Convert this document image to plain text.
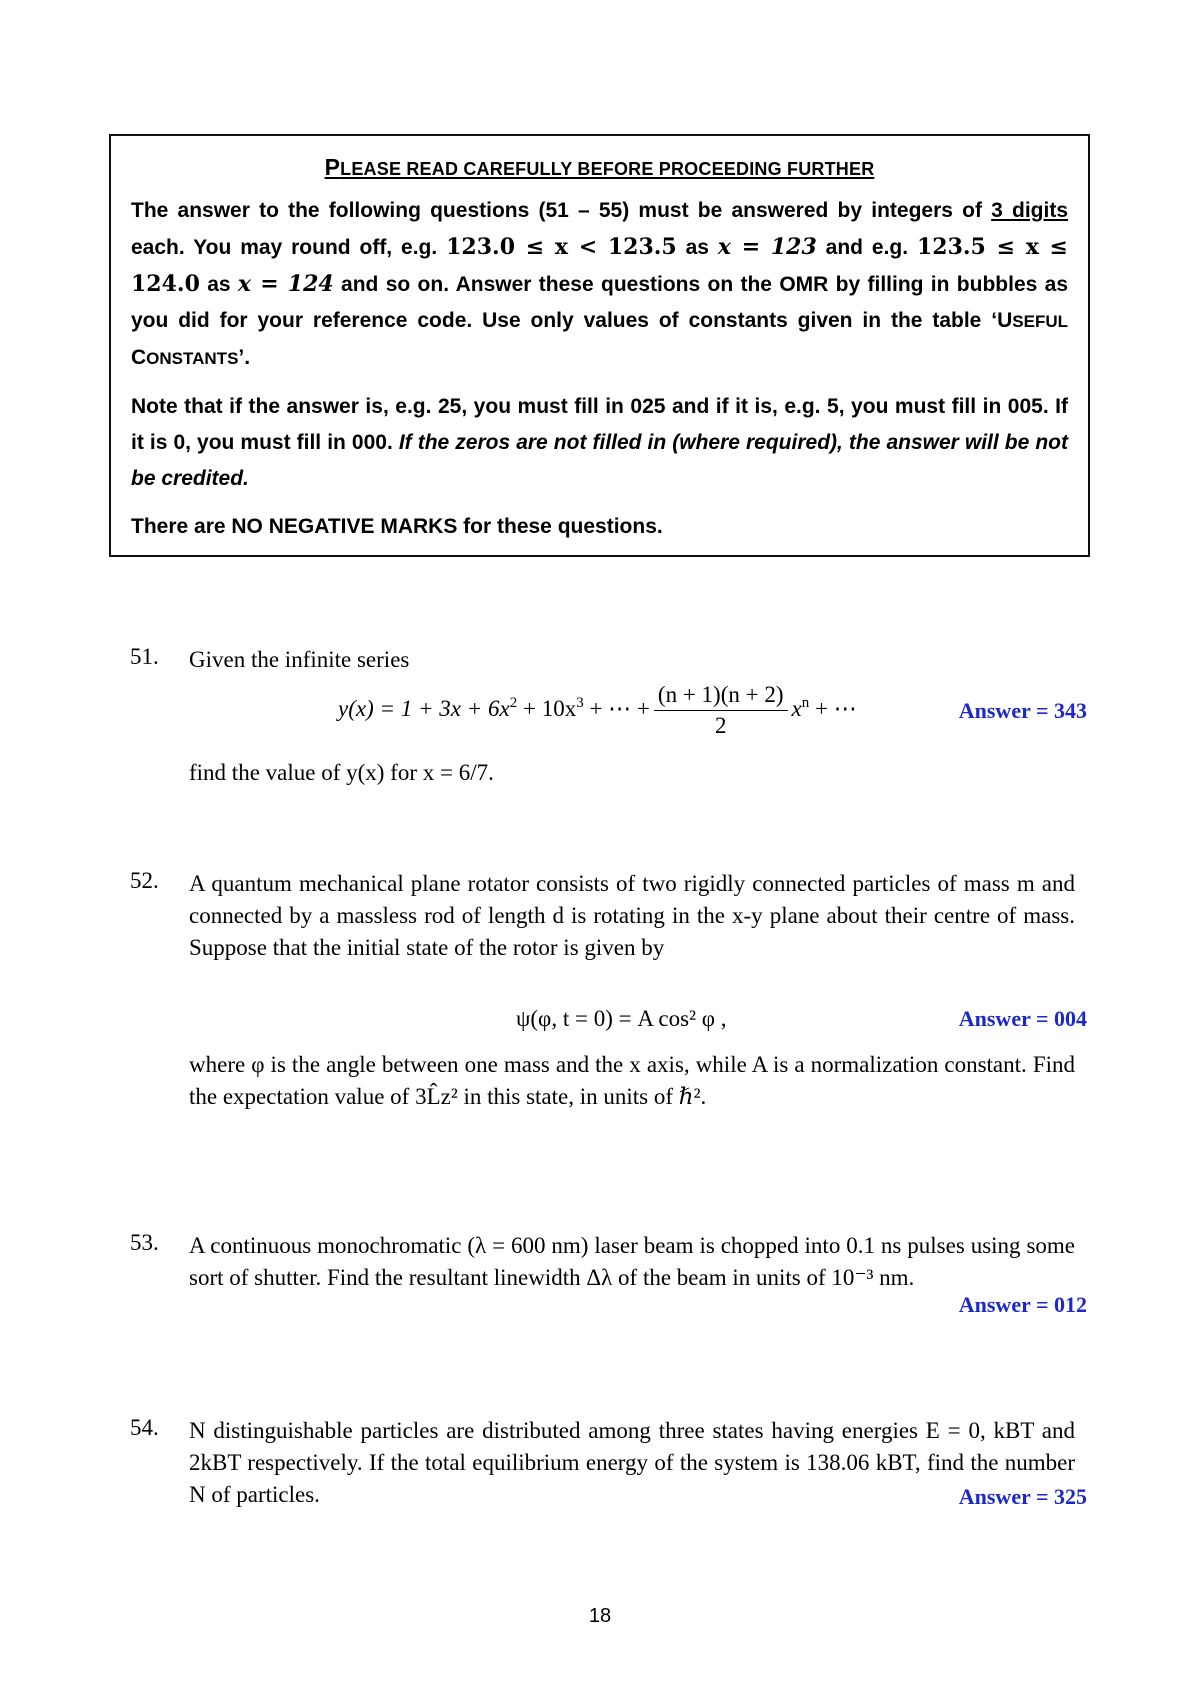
PLEASE READ CAREFULLY BEFORE PROCEEDING FURTHER

The answer to the following questions (51 – 55) must be answered by integers of 3 digits each. You may round off, e.g. 123.0 ≤ x < 123.5 as x = 123 and e.g. 123.5 ≤ x ≤ 124.0 as x = 124 and so on. Answer these questions on the OMR by filling in bubbles as you did for your reference code. Use only values of constants given in the table ‘USEFUL CONSTANTS’.

Note that if the answer is, e.g. 25, you must fill in 025 and if it is, e.g. 5, you must fill in 005. If it is 0, you must fill in 000. If the zeros are not filled in (where required), the answer will be not be credited.

There are NO NEGATIVE MARKS for these questions.

51. Given the infinite series
$y(x) = 1 + 3x + 6x^2 + 10x^3$ + ⋯ + $\frac{(n + 1)(n + 2)}{2} x^n$ + ⋯	Answer = 343
find the value of y(x) for x = 6/7.
52. A quantum mechanical plane rotator consists of two rigidly connected particles of mass m and connected by a massless rod of length d is rotating in the x-y plane about their centre of mass. Suppose that the initial state of the rotor is given by
ψ(φ, t = 0) = A cos² φ ,	Answer = 004
where φ is the angle between one mass and the x axis, while A is a normalization constant. Find the expectation value of 3L̂z² in this state, in units of ℏ².
53. A continuous monochromatic (λ = 600 nm) laser beam is chopped into 0.1 ns pulses using some sort of shutter. Find the resultant linewidth Δλ of the beam in units of 10⁻³ nm.
Answer = 012
54. N distinguishable particles are distributed among three states having energies E = 0, kBT and 2kBT respectively. If the total equilibrium energy of the system is 138.06 kBT, find the number N of particles.	Answer = 325
18
